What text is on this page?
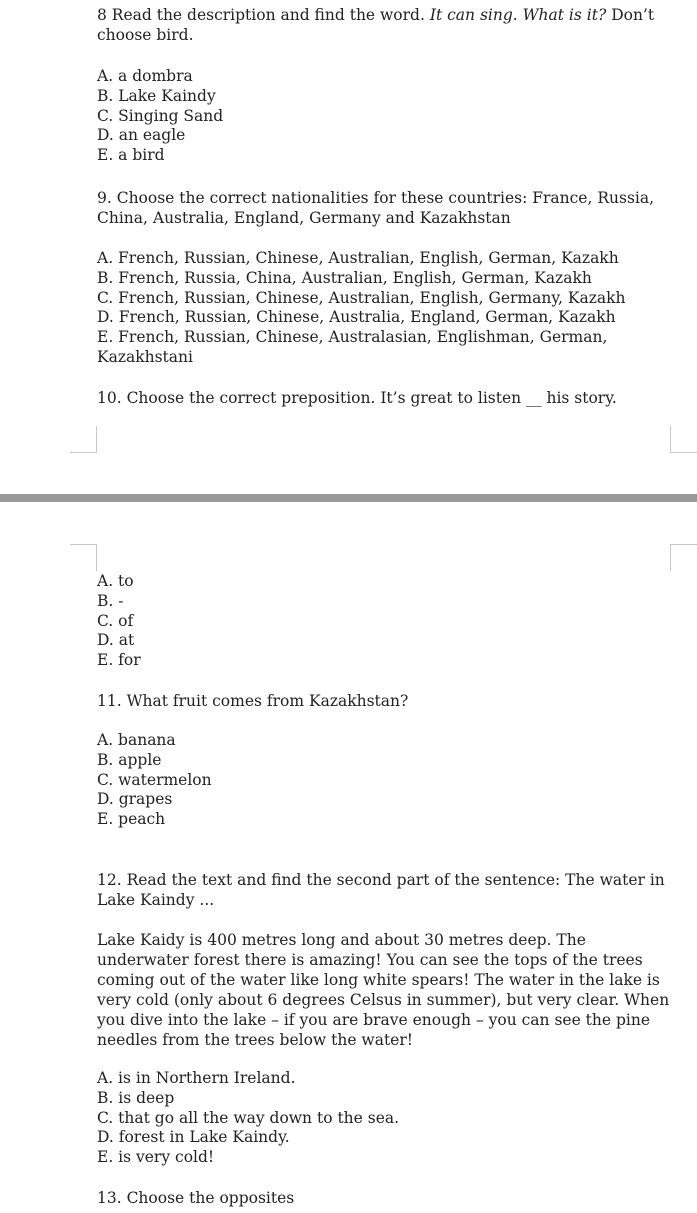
8 Read the description and find the word. It can sing. What is it? Don’t choose bird.

A. a dombra
B. Lake Kaindy
C. Singing Sand
D. an eagle
E. a bird

9. Choose the correct nationalities for these countries: France, Russia, China, Australia, England, Germany and Kazakhstan

A. French, Russian, Chinese, Australian, English, German, Kazakh
B. French, Russia, China, Australian, English, German, Kazakh
C. French, Russian, Chinese, Australian, English, Germany, Kazakh
D. French, Russian, Chinese, Australia, England, German, Kazakh
E. French, Russian, Chinese, Australasian, Englishman, German, Kazakhstani

10. Choose the correct preposition. It’s great to listen __ his story.

A. to
B. -
C. of
D. at
E. for

11. What fruit comes from Kazakhstan?

A. banana
B. apple
C. watermelon
D. grapes
E. peach

12. Read the text and find the second part of the sentence: The water in Lake Kaindy ...

Lake Kaidy is 400 metres long and about 30 metres deep. The underwater forest there is amazing! You can see the tops of the trees coming out of the water like long white spears! The water in the lake is very cold (only about 6 degrees Celsus in summer), but very clear. When you dive into the lake – if you are brave enough – you can see the pine needles from the trees below the water!

A. is in Northern Ireland.
B. is deep
C. that go all the way down to the sea.
D. forest in Lake Kaindy.
E. is very cold!

13. Choose the opposites
